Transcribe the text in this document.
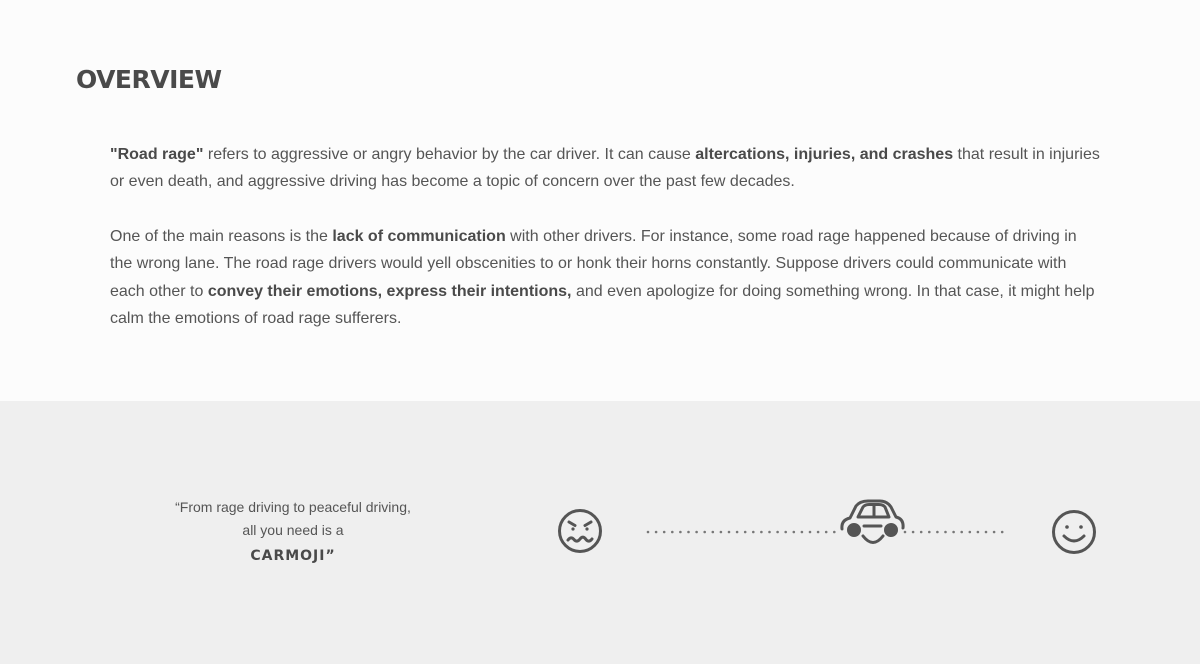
OVERVIEW

"Road rage" refers to aggressive or angry behavior by the car driver. It can cause altercations, injuries, and crashes that result in injuries or even death, and aggressive driving has become a topic of concern over the past few decades.

One of the main reasons is the lack of communication with other drivers. For instance, some road rage happened because of driving in the wrong lane. The road rage drivers would yell obscenities to or honk their horns constantly. Suppose drivers could communicate with each other to convey their emotions, express their intentions, and even apologize for doing something wrong. In that case, it might help calm the emotions of road rage sufferers.

“From rage driving to peaceful driving,
all you need is a
CARMOJI”
